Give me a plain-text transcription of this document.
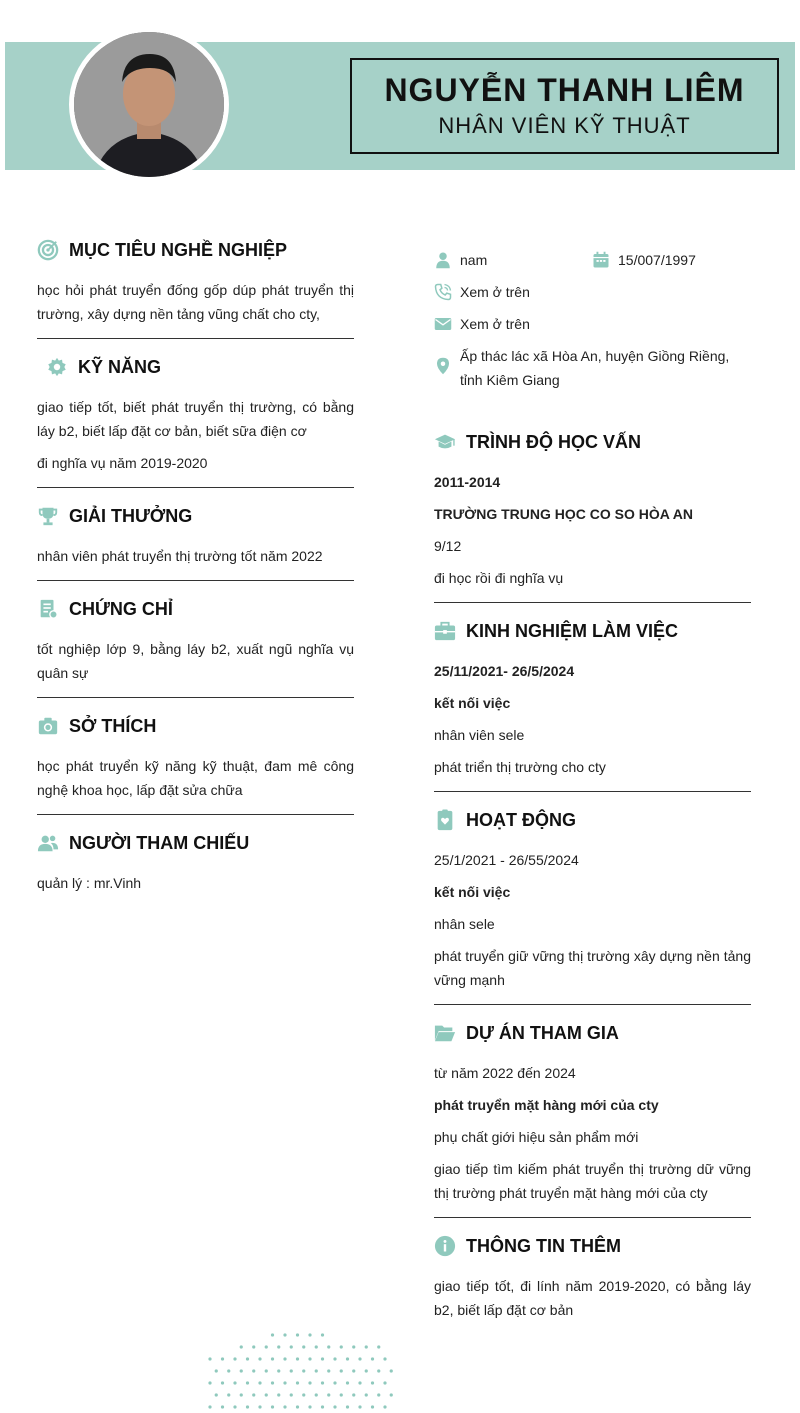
NGUYỄN THANH LIÊM
NHÂN VIÊN KỸ THUẬT
MỤC TIÊU NGHỀ NGHIỆP

học hỏi phát truyển đống gốp dúp phát truyển thị trường, xây dựng nền tảng vũng chất cho cty,

KỸ NĂNG

giao tiếp tốt, biết phát truyển thị trường, có bằng láy b2, biết lấp đặt cơ bản, biết sữa điện cơ

đi nghĩa vụ năm 2019-2020

GIẢI THƯỞNG

nhân viên phát truyển thị trường tốt năm 2022

CHỨNG CHỈ

tốt nghiệp lớp 9, bằng láy b2, xuất ngũ nghĩa vụ quân sự

SỞ THÍCH

học phát truyển kỹ năng kỹ thuật, đam mê công nghệ khoa học, lấp đặt sửa chữa

NGƯỜI THAM CHIẾU

quản lý : mr.Vinh

nam	15/007/1997
Xem ở trên
Xem ở trên
Ấp thác lác xã Hòa An, huyện Giồng Riềng, tỉnh Kiêm Giang
TRÌNH ĐỘ HỌC VẤN

2011-2014

TRƯỜNG TRUNG HỌC CO SO HÒA AN

9/12

đi học rồi đi nghĩa vụ

KINH NGHIỆM LÀM VIỆC

25/11/2021- 26/5/2024

kết nối việc

nhân viên sele

phát triển thị trường cho cty

HOẠT ĐỘNG

25/1/2021 - 26/55/2024

kết nối việc

nhân sele

phát truyển giữ vững thị trường xây dựng nền tảng vững mạnh

DỰ ÁN THAM GIA

từ năm 2022 đến 2024

phát truyển mặt hàng mới của cty

phụ chất giới hiệu sản phẩm mới

giao tiếp tìm kiếm phát truyển thị trường dữ vững thị trường phát truyển mặt hàng mới của cty

THÔNG TIN THÊM

giao tiếp tốt, đi lính năm 2019-2020, có bằng láy b2, biết lấp đặt cơ bản
